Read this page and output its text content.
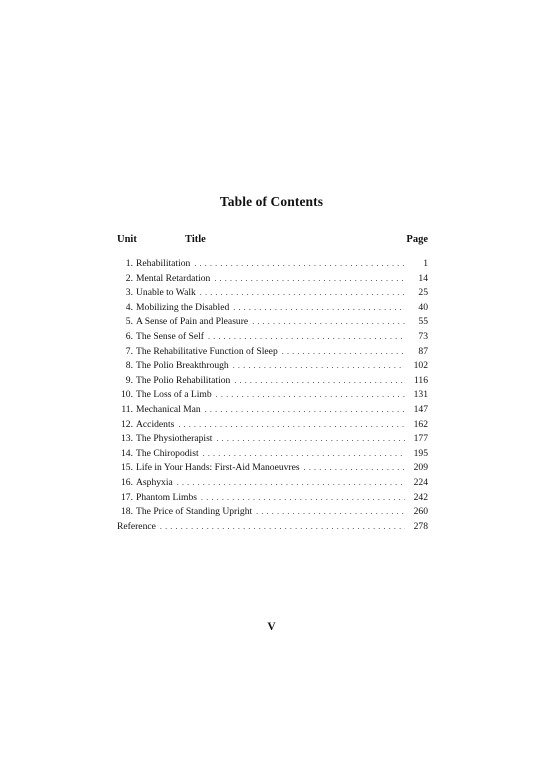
Table of Contents
Unit	Title	Page
1. Rehabilitation . . .	1
2. Mental Retardation . . .	14
3. Unable to Walk . . .	25
4. Mobilizing the Disabled . . .	40
5. A Sense of Pain and Pleasure . . .	55
6. The Sense of Self . . .	73
7. The Rehabilitative Function of Sleep . . .	87
8. The Polio Breakthrough . . .	102
9. The Polio Rehabilitation . . .	116
10. The Loss of a Limb . . .	131
11. Mechanical Man . . .	147
12. Accidents . . .	162
13. The Physiotherapist . . .	177
14. The Chiropodist . . .	195
15. Life in Your Hands: First-Aid Manoeuvres . . .	209
16. Asphyxia . . .	224
17. Phantom Limbs . . .	242
18. The Price of Standing Upright . . .	260
Reference . . .	278
V
